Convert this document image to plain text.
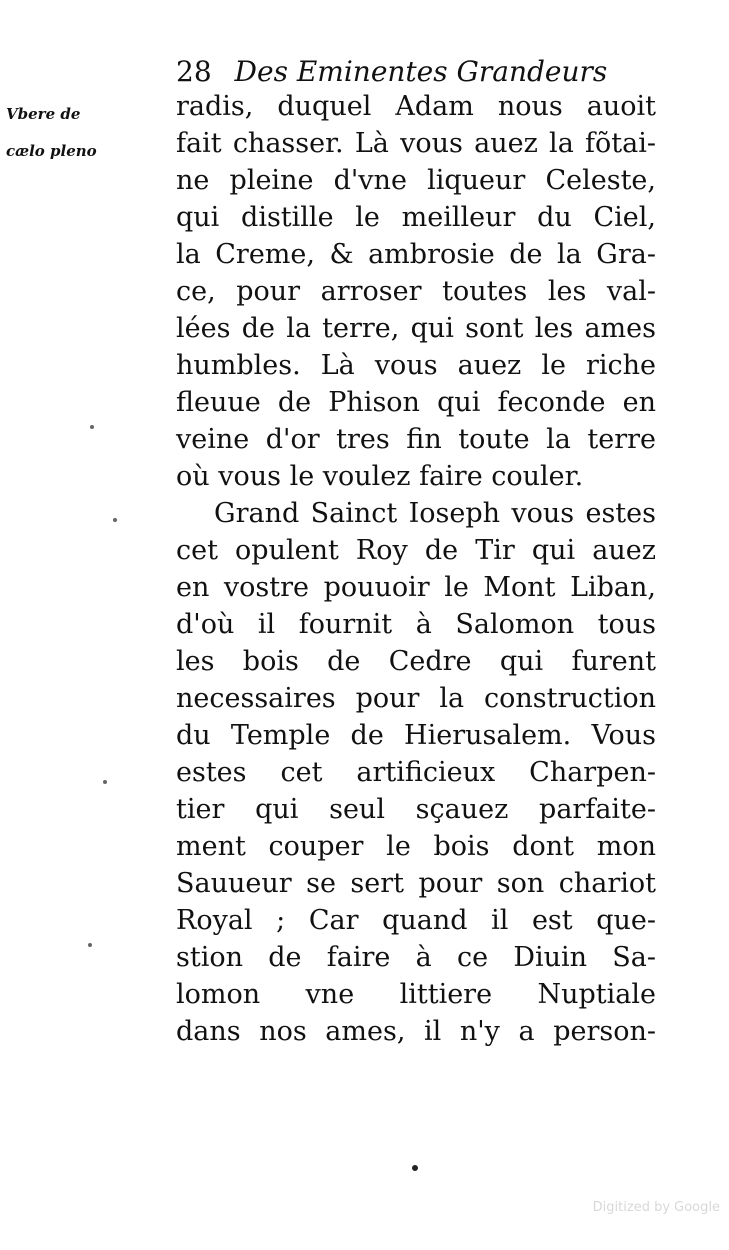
28 Des Eminentes Grandeurs
Vbere de
cælo pleno
radis, duquel Adam nous auoit
fait chasser. Là vous auez la fõtai-
ne pleine d'vne liqueur Celeste,
qui distille le meilleur du Ciel,
la Creme, & ambrosie de la Gra-
ce, pour arroser toutes les val-
lées de la terre, qui sont les ames
humbles. Là vous auez le riche
fleuue de Phison qui feconde en
veine d'or tres fin toute la terre
où vous le voulez faire couler.
Grand Sainct Ioseph vous estes
cet opulent Roy de Tir qui auez
en vostre pouuoir le Mont Liban,
d'où il fournit à Salomon tous
les bois de Cedre qui furent
necessaires pour la construction
du Temple de Hierusalem. Vous
estes cet artificieux Charpen-
tier qui seul sçauez parfaite-
ment couper le bois dont mon
Sauueur se sert pour son chariot
Royal ; Car quand il est que-
stion de faire à ce Diuin Sa-
lomon vne littiere Nuptiale
dans nos ames, il n'y a person-
Digitized by Google
